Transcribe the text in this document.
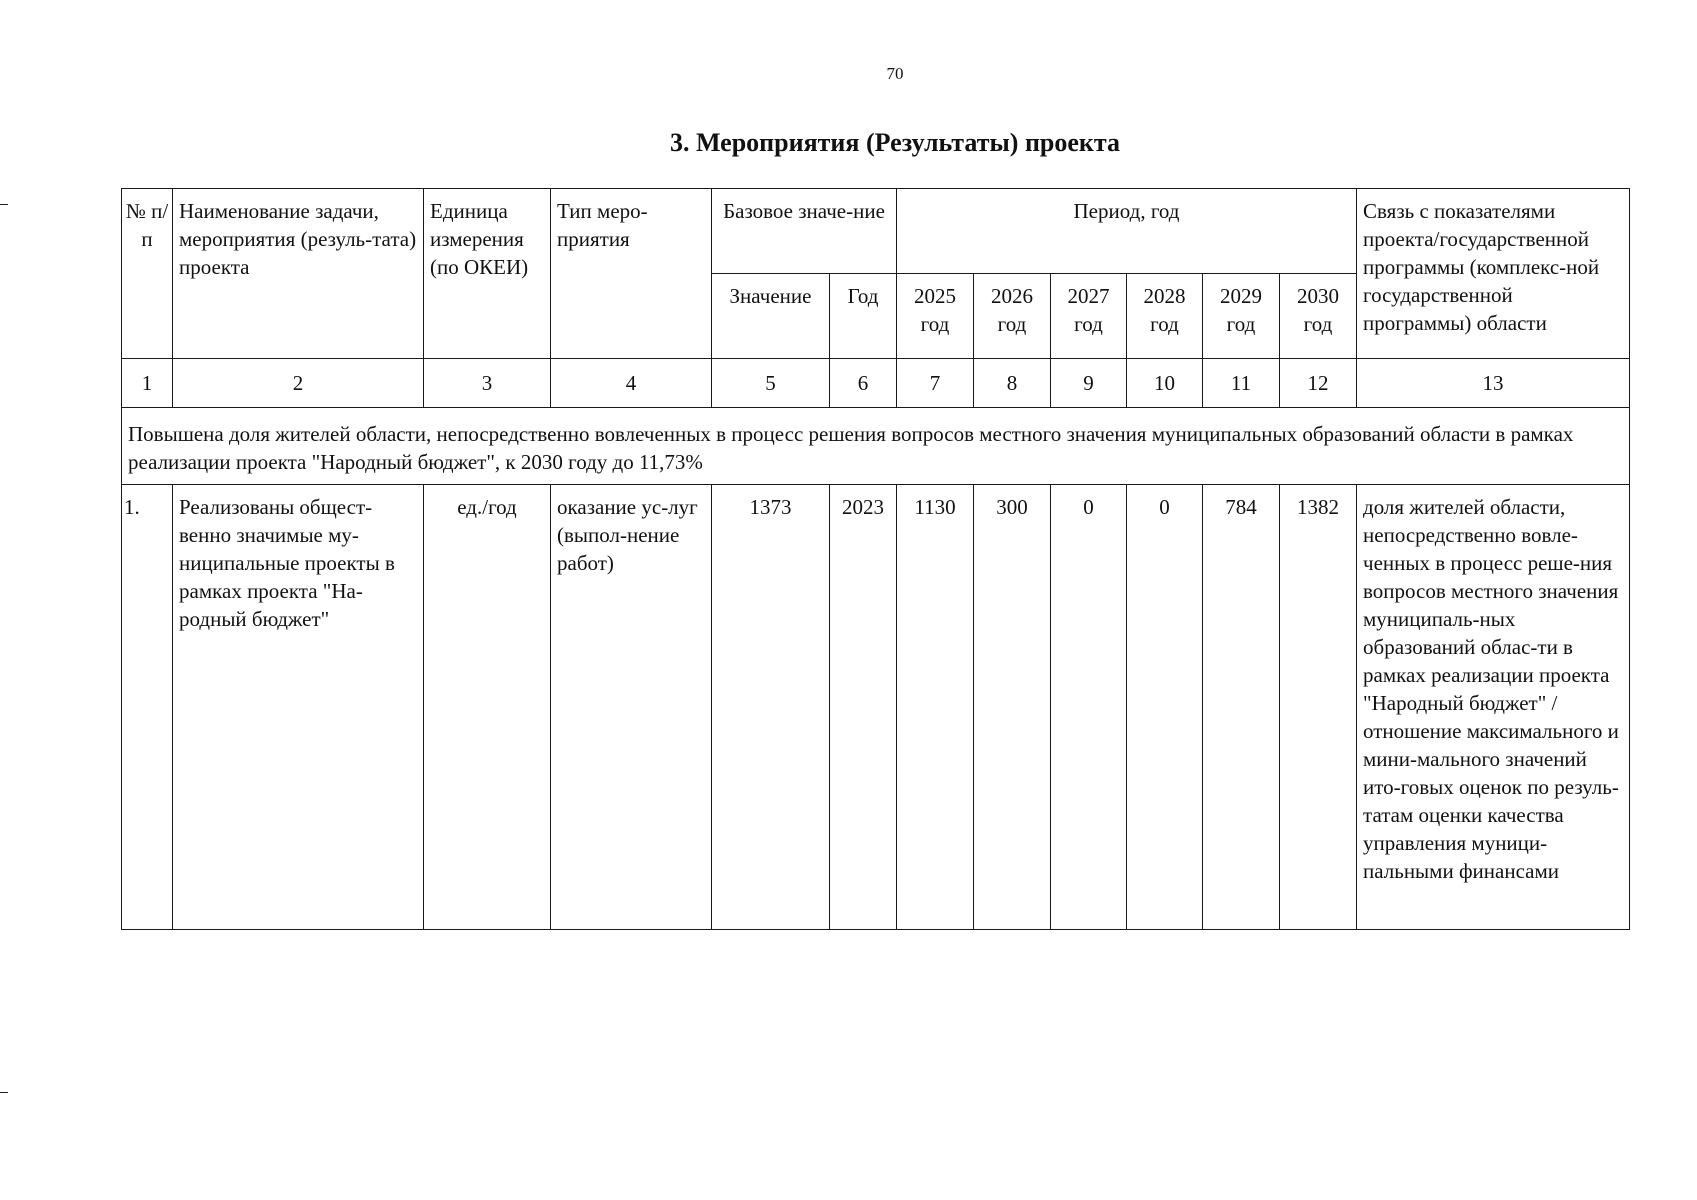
70
3. Мероприятия (Результаты) проекта
№ п/п	Наименование задачи, мероприятия (резуль-тата) проекта	Единица измерения (по ОКЕИ)	Тип меро-приятия	Базовое значе-ние		Период, год						Связь с показателями проекта/государственной программы (комплекс-ной государственной программы) области
				Значение	Год	2025 год	2026 год	2027 год	2028 год	2029 год	2030 год	
1	2	3	4	5	6	7	8	9	10	11	12	13
Повышена доля жителей области, непосредственно вовлеченных в процесс решения вопросов местного значения муниципальных образований области в рамках реализации проекта "Народный бюджет", к 2030 году до 11,73%												
1.	Реализованы общест-венно значимые му-ниципальные проекты в рамках проекта "На-родный бюджет"	ед./год	оказание ус-луг (выпол-нение работ)	1373	2023	1130	300	0	0	784	1382	доля жителей области, непосредственно вовле-ченных в процесс реше-ния вопросов местного значения муниципаль-ных образований облас-ти в рамках реализации проекта "Народный бюджет" / отношение максимального и мини-мального значений ито-говых оценок по резуль-татам оценки качества управления муници-пальными финансами
